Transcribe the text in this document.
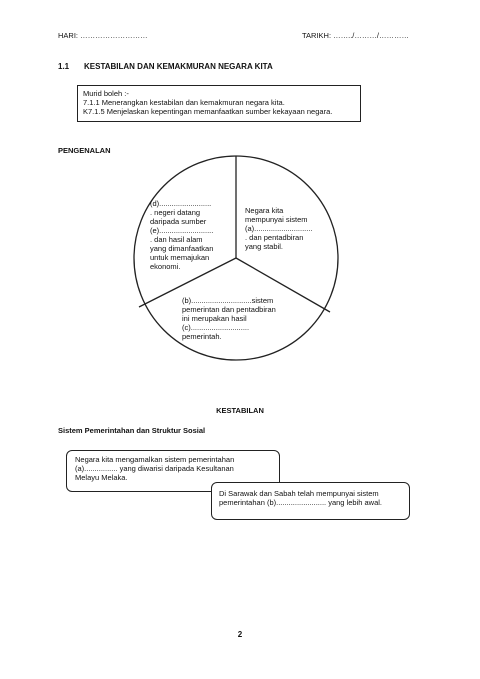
HARI: ………………………	TARIKH: ……../………/…………
1.1 KESTABILAN DAN KEMAKMURAN NEGARA KITA
Murid boleh :-
7.1.1 Menerangkan kestabilan dan kemakmuran negara kita.
K7.1.5 Menjelaskan kepentingan memanfaatkan sumber kekayaan negara.
PENGENALAN
(d).........................
. negeri datang
daripada sumber
(e)..........................
. dan hasil alam
yang dimanfaatkan
untuk memajukan
ekonomi.
Negara kita
mempunyai sistem
(a)............................
. dan pentadbiran
yang stabil.
(b).............................sistem
pemerintan dan pentadbiran
ini merupakan hasil
(c)............................
pemerintah.
KESTABILAN
Sistem Pemerintahan dan Struktur Sosial
Negara kita mengamalkan sistem pemerintahan
(a)................ yang diwarisi daripada Kesultanan
Melayu Melaka.
Di Sarawak dan Sabah telah mempunyai sistem
pemerintahan (b)........................ yang lebih awal.
2
